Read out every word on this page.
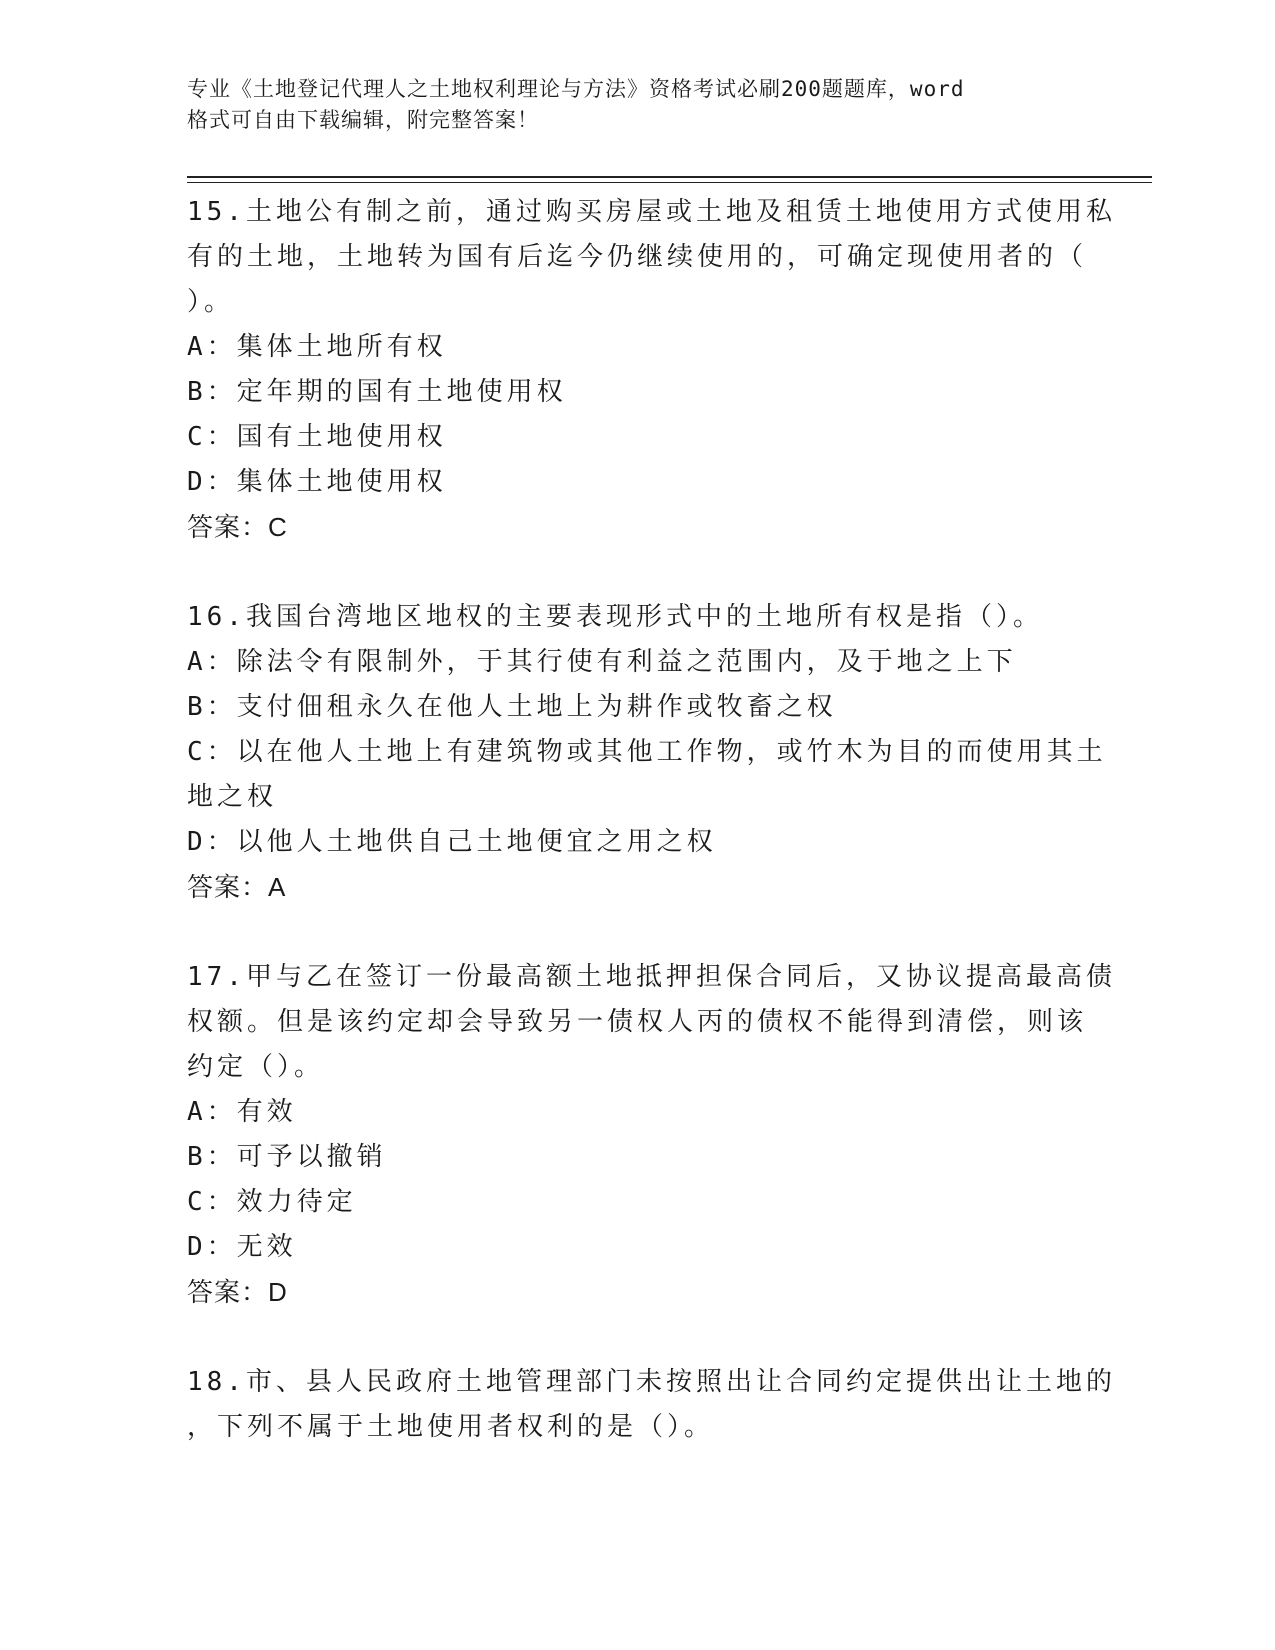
专业《土地登记代理人之土地权利理论与方法》资格考试必刷200题题库，word
格式可自由下载编辑，附完整答案！
15.土地公有制之前，通过购买房屋或土地及租赁土地使用方式使用私
有的土地，土地转为国有后迄今仍继续使用的，可确定现使用者的（
）。
A：集体土地所有权
B：定年期的国有土地使用权
C：国有土地使用权
D：集体土地使用权
答案：C
16.我国台湾地区地权的主要表现形式中的土地所有权是指（）。
A：除法令有限制外，于其行使有利益之范围内，及于地之上下
B：支付佃租永久在他人土地上为耕作或牧畜之权
C：以在他人土地上有建筑物或其他工作物，或竹木为目的而使用其土
地之权
D：以他人土地供自己土地便宜之用之权
答案：A
17.甲与乙在签订一份最高额土地抵押担保合同后，又协议提高最高债
权额。但是该约定却会导致另一债权人丙的债权不能得到清偿，则该
约定（）。
A：有效
B：可予以撤销
C：效力待定
D：无效
答案：D
18.市、县人民政府土地管理部门未按照出让合同约定提供出让土地的
，下列不属于土地使用者权利的是（）。
